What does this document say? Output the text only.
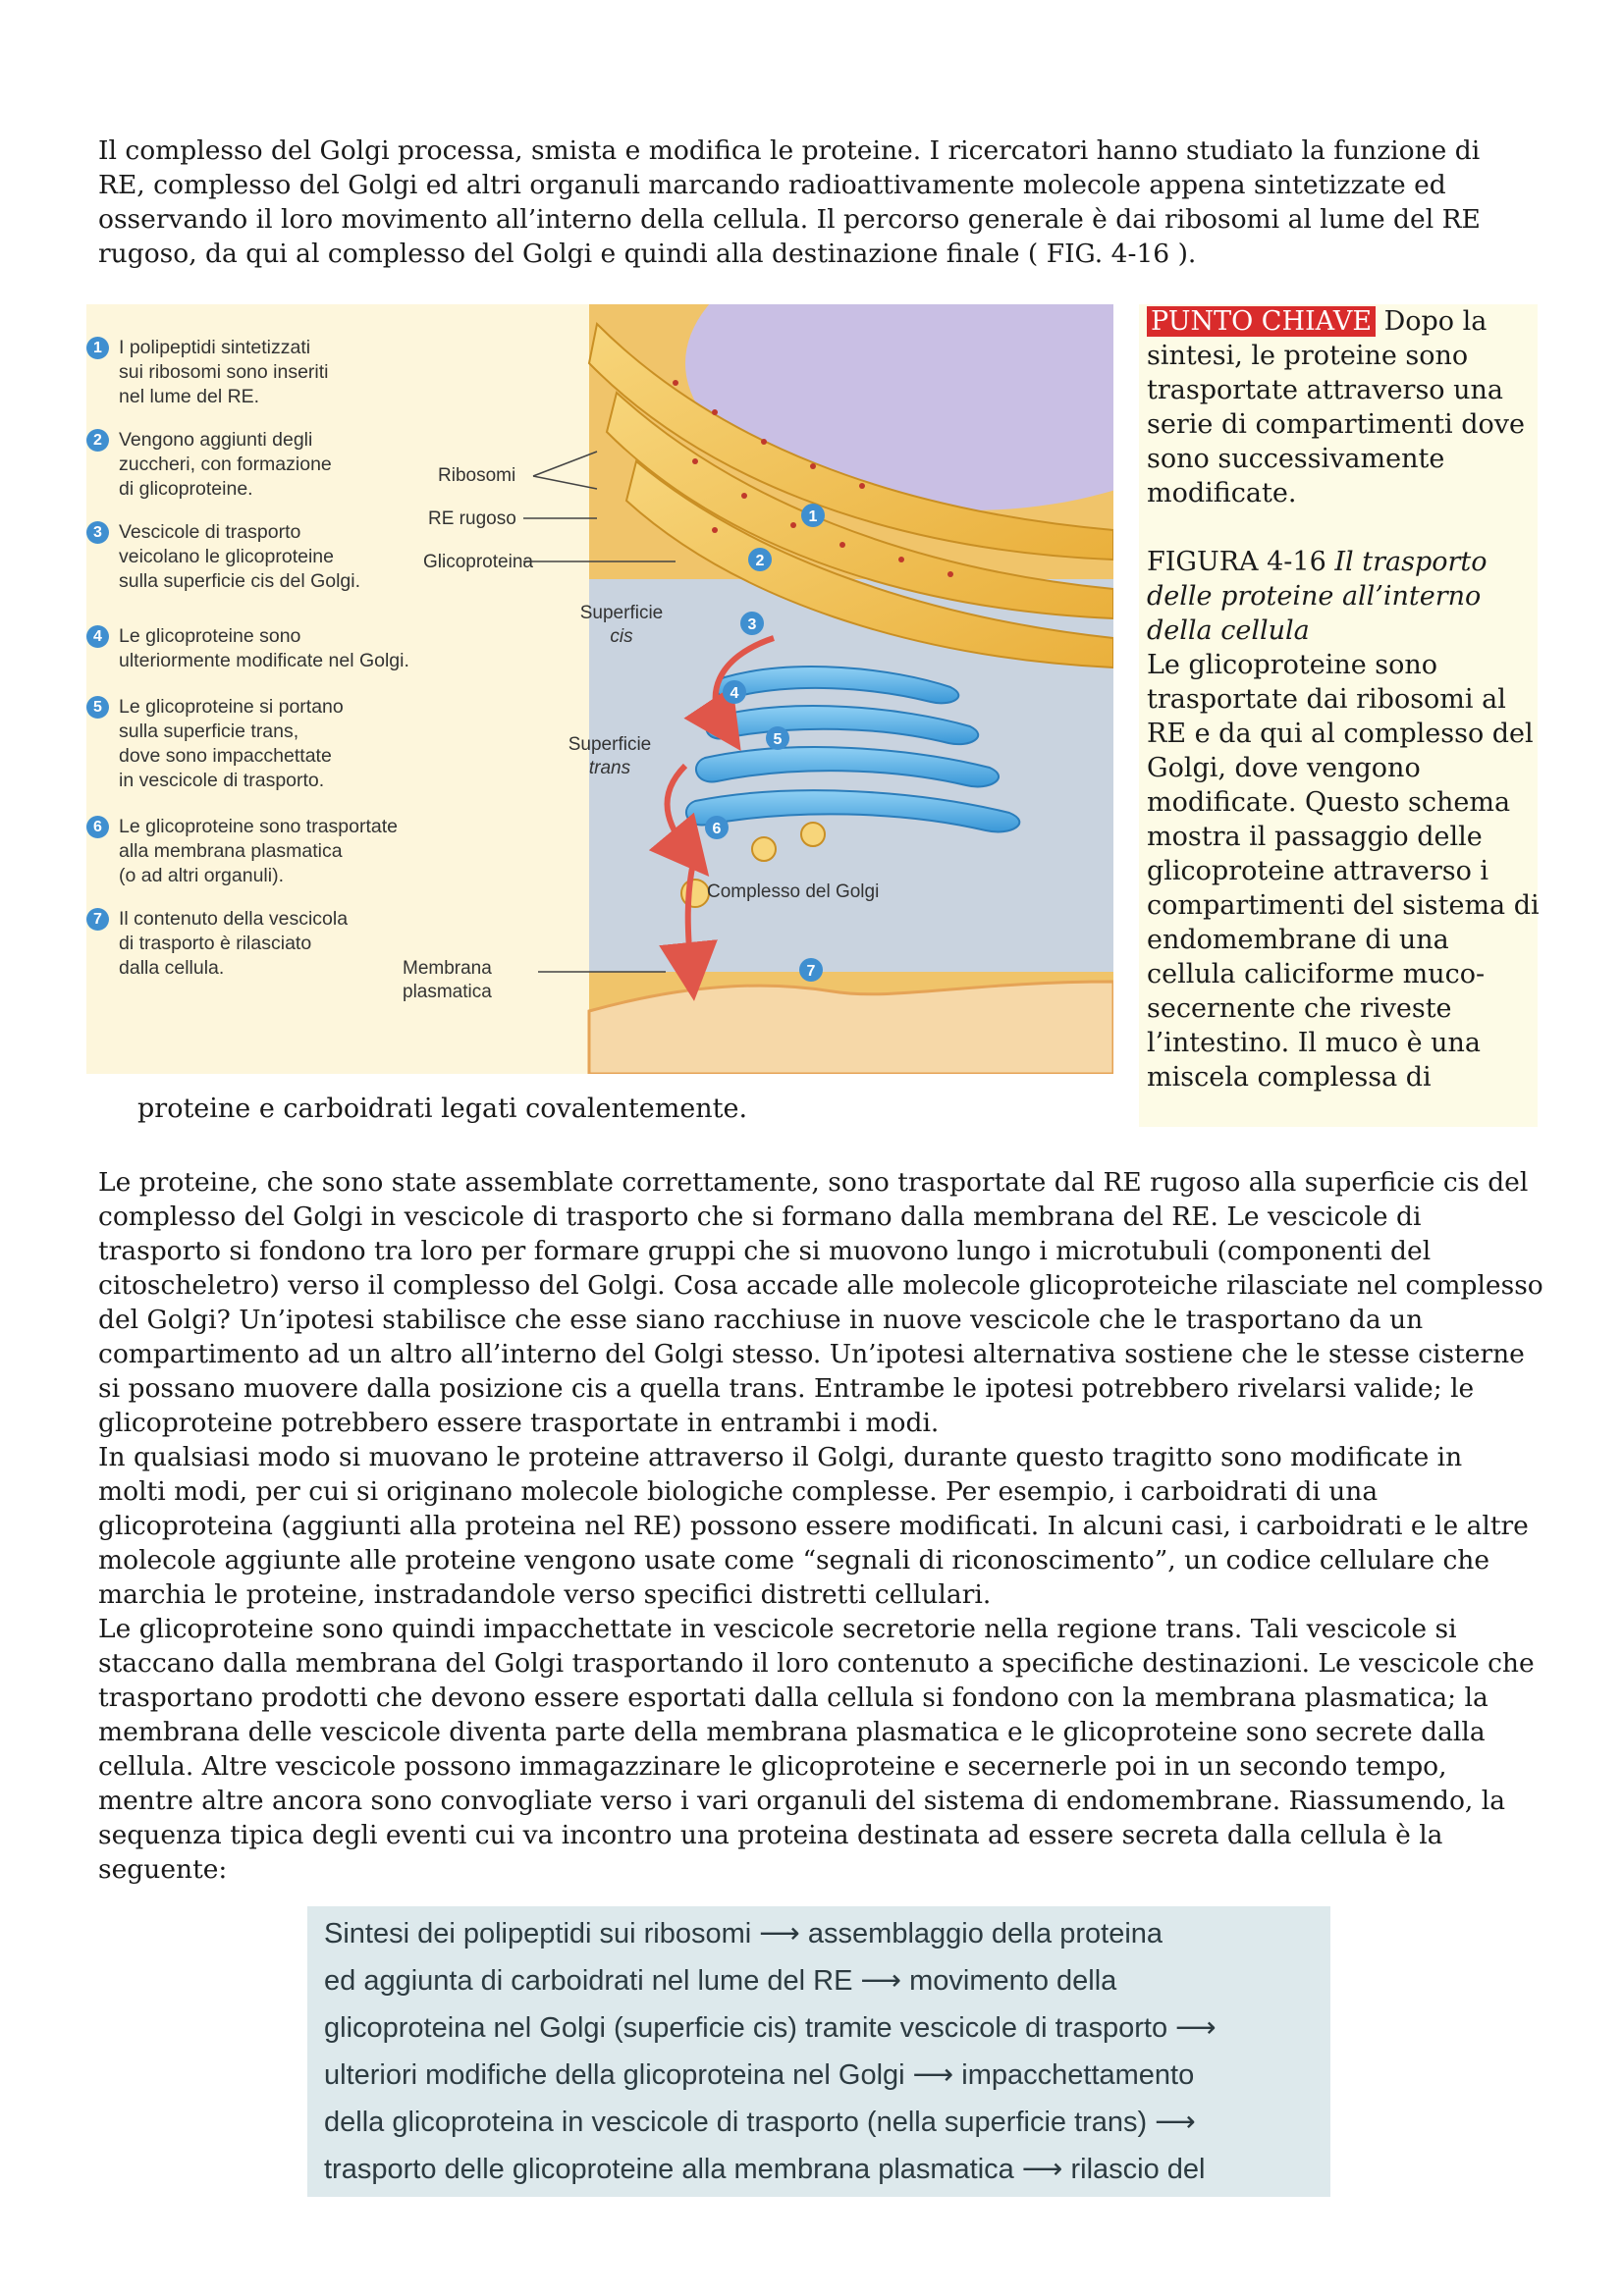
Il complesso del Golgi processa, smista e modifica le proteine. I ricercatori hanno studiato la funzione di
RE, complesso del Golgi ed altri organuli marcando radioattivamente molecole appena sintetizzate ed
osservando il loro movimento all’interno della cellula. Il percorso generale è dai ribosomi al lume del RE
rugoso, da qui al complesso del Golgi e quindi alla destinazione finale ( FIG. 4-16 ).
1
2
3
4
5
6
7
Ribosomi
RE rugoso
Glicoproteina
Superficie
cis
Superficie
trans
Complesso del Golgi
Membrana
plasmatica
1 I polipeptidi sintetizzati
sui ribosomi sono inseriti
nel lume del RE.
2 Vengono aggiunti degli
zuccheri, con formazione
di glicoproteine.
3 Vescicole di trasporto
veicolano le glicoproteine
sulla superficie cis del Golgi.
4 Le glicoproteine sono
ulteriormente modificate nel Golgi.
5 Le glicoproteine si portano
sulla superficie trans,
dove sono impacchettate
in vescicole di trasporto.
6 Le glicoproteine sono trasportate
alla membrana plasmatica
(o ad altri organuli).
7 Il contenuto della vescicola
di trasporto è rilasciato
dalla cellula.
PUNTO CHIAVE Dopo la
sintesi, le proteine sono
trasportate attraverso una
serie di compartimenti dove
sono successivamente
modificate.
FIGURA 4-16 Il trasporto
delle proteine all’interno
della cellula
Le glicoproteine sono
trasportate dai ribosomi al
RE e da qui al complesso del
Golgi, dove vengono
modificate. Questo schema
mostra il passaggio delle
glicoproteine attraverso i
compartimenti del sistema di
endomembrane di una
cellula caliciforme muco-
secernente che riveste
l’intestino. Il muco è una
miscela complessa di

proteine e carboidrati legati covalentemente.

Le proteine, che sono state assemblate correttamente, sono trasportate dal RE rugoso alla superficie cis del
complesso del Golgi in vescicole di trasporto che si formano dalla membrana del RE. Le vescicole di
trasporto si fondono tra loro per formare gruppi che si muovono lungo i microtubuli (componenti del
citoscheletro) verso il complesso del Golgi. Cosa accade alle molecole glicoproteiche rilasciate nel complesso
del Golgi? Un’ipotesi stabilisce che esse siano racchiuse in nuove vescicole che le trasportano da un
compartimento ad un altro all’interno del Golgi stesso. Un’ipotesi alternativa sostiene che le stesse cisterne
si possano muovere dalla posizione cis a quella trans. Entrambe le ipotesi potrebbero rivelarsi valide; le
glicoproteine potrebbero essere trasportate in entrambi i modi.
In qualsiasi modo si muovano le proteine attraverso il Golgi, durante questo tragitto sono modificate in
molti modi, per cui si originano molecole biologiche complesse. Per esempio, i carboidrati di una
glicoproteina (aggiunti alla proteina nel RE) possono essere modificati. In alcuni casi, i carboidrati e le altre
molecole aggiunte alle proteine vengono usate come “segnali di riconoscimento”, un codice cellulare che
marchia le proteine, instradandole verso specifici distretti cellulari.
Le glicoproteine sono quindi impacchettate in vescicole secretorie nella regione trans. Tali vescicole si
staccano dalla membrana del Golgi trasportando il loro contenuto a specifiche destinazioni. Le vescicole che
trasportano prodotti che devono essere esportati dalla cellula si fondono con la membrana plasmatica; la
membrana delle vescicole diventa parte della membrana plasmatica e le glicoproteine sono secrete dalla
cellula. Altre vescicole possono immagazzinare le glicoproteine e secernerle poi in un secondo tempo,
mentre altre ancora sono convogliate verso i vari organuli del sistema di endomembrane. Riassumendo, la
sequenza tipica degli eventi cui va incontro una proteina destinata ad essere secreta dalla cellula è la
seguente:
Sintesi dei polipeptidi sui ribosomi ⟶ assemblaggio della proteina
ed aggiunta di carboidrati nel lume del RE ⟶ movimento della
glicoproteina nel Golgi (superficie cis) tramite vescicole di trasporto ⟶
ulteriori modifiche della glicoproteina nel Golgi ⟶ impacchettamento
della glicoproteina in vescicole di trasporto (nella superficie trans) ⟶
trasporto delle glicoproteine alla membrana plasmatica ⟶ rilascio del
